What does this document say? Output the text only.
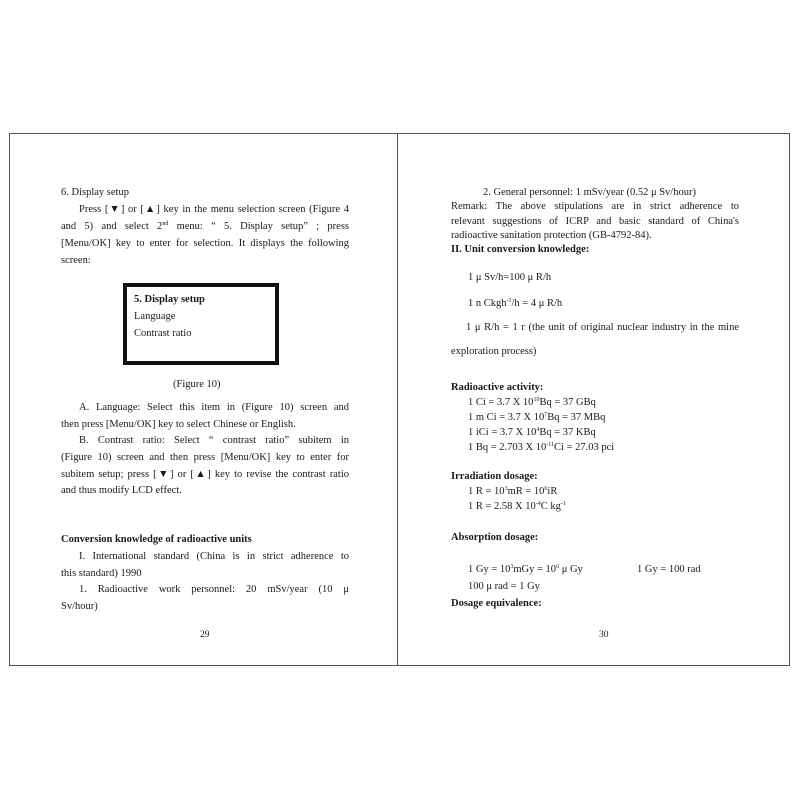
6. Display setup

Press [▼] or [▲] key in the menu selection screen (Figure 4

and 5) and select 2nd menu: “ 5. Display setup” ; press

[Menu/OK] key to enter for selection. It displays the following

screen:

5. Display setup
Language
Contrast ratio

(Figure 10)

A. Language: Select this item in (Figure 10) screen and

then press [Menu/OK] key to select Chinese or English.

B. Contrast ratio: Select “ contrast ratio” subitem in

(Figure 10) screen and then press [Menu/OK] key to enter for

subitem setup; press [▼] or [▲] key to revise the contrast ratio

and thus modify LCD effect.

Conversion knowledge of radioactive units

I. International standard (China is in strict adherence to

this standard) 1990

1. Radioactive work personnel: 20 mSv/year (10 μ

Sv/hour)

29

2. General personnel: 1 mSv/year (0.52 μ Sv/hour)

Remark: The above stipulations are in strict adherence to

relevant suggestions of ICRP and basic standard of China's

radioactive sanitation protection (GB-4792-84).

II. Unit conversion knowledge:

1 μ Sv/h=100 μ R/h

1 n Ckgh$^{-1}$/h = 4 μ R/h

1 μ R/h = 1 r (the unit of original nuclear industry in the mine

exploration process)

Radioactive activity:

1 Ci = 3.7 X $10^{10}Bq = 37$ GBq

1 m Ci = 3.7 X $10^7Bq = 37$ MBq

1 iCi = 3.7 X $10^4Bq = 37$ KBq

1 Bq = 2.703 X $10^{-11}Ci = 27.03$ pci

Irradiation dosage:

1 $R = 10^3mR = 10^6iR$

1 R = 2.58 X $10^{-4}C$ $kg^{-1}$

Absorption dosage:

1 $Gy = 10^3mGy = 10^6$ μ Gy	1 Gy = 100 rad

100 μ rad = 1 Gy

Dosage equivalence:

30
